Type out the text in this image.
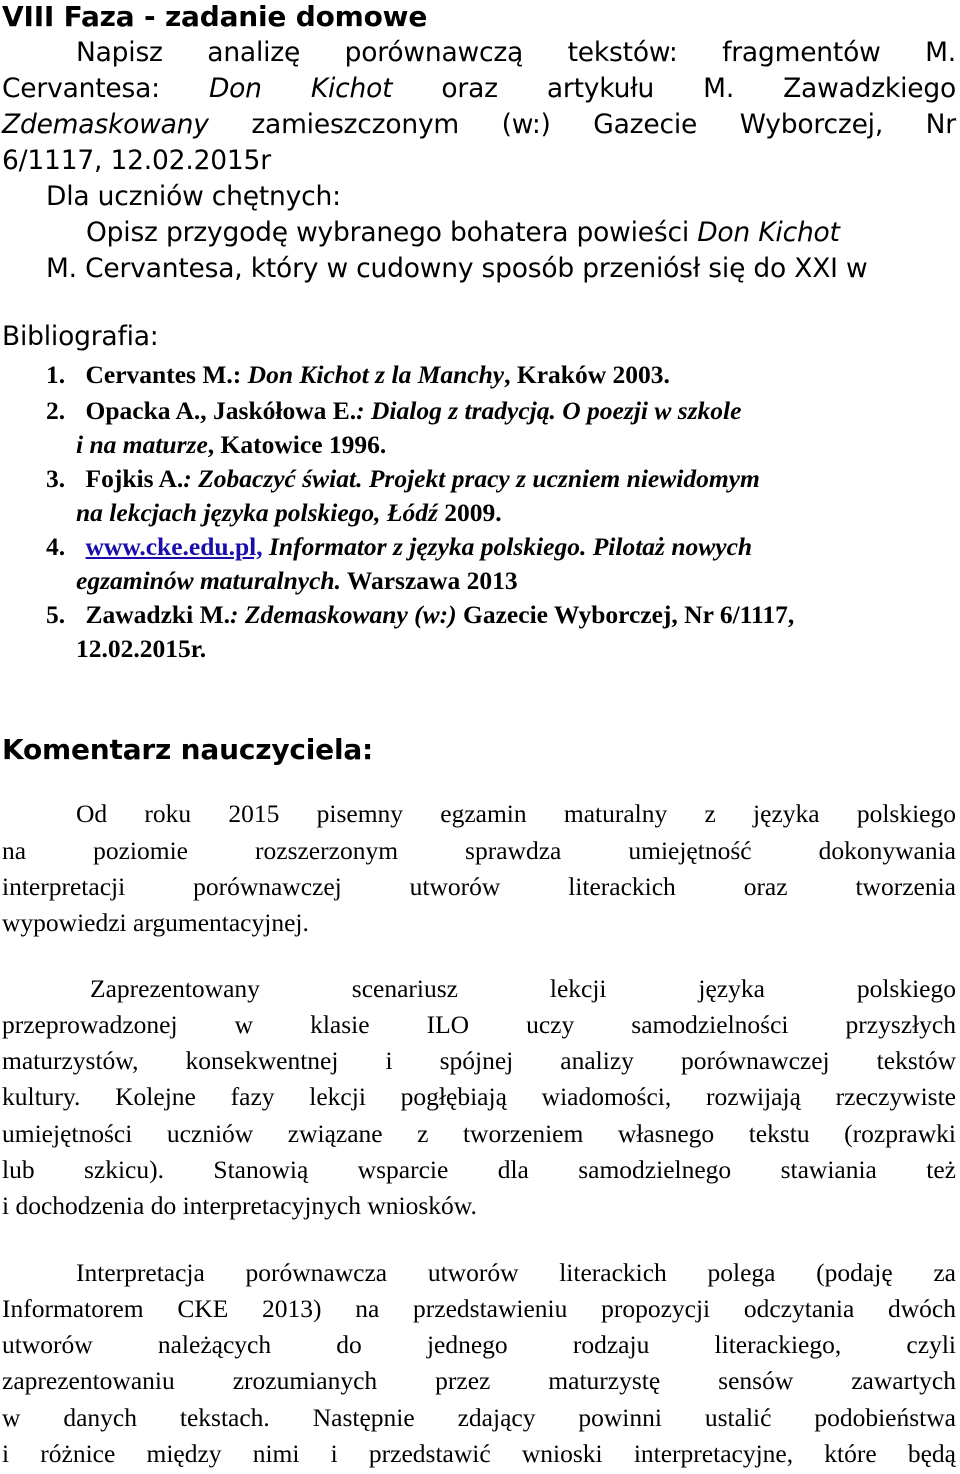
VIII Faza - zadanie domowe
Napisz analizę porównawczą tekstów: fragmentów M.
Cervantesa: Don Kichot oraz artykułu M. Zawadzkiego
Zdemaskowany zamieszczonym (w:) Gazecie Wyborczej, Nr
6/1117, 12.02.2015r
Dla uczniów chętnych:
Opisz przygodę wybranego bohatera powieści Don Kichot
M. Cervantesa, który w cudowny sposób przeniósł się do XXI w
Bibliografia:
1. Cervantes M.: Don Kichot z la Manchy, Kraków 2003.
2. Opacka A., Jaskółowa E.: Dialog z tradycją. O poezji w szkole
i na maturze, Katowice 1996.
3. Fojkis A.: Zobaczyć świat. Projekt pracy z uczniem niewidomym
na lekcjach języka polskiego, Łódź 2009.
4. www.cke.edu.pl, Informator z języka polskiego. Pilotaż nowych
egzaminów maturalnych. Warszawa 2013
5. Zawadzki M.: Zdemaskowany (w:) Gazecie Wyborczej, Nr 6/1117,
12.02.2015r.
Komentarz nauczyciela:
Od roku 2015 pisemny egzamin maturalny z języka polskiego
na poziomie rozszerzonym sprawdza umiejętność dokonywania
interpretacji porównawczej utworów literackich oraz tworzenia
wypowiedzi argumentacyjnej.
Zaprezentowany scenariusz lekcji języka polskiego
przeprowadzonej w klasie ILO uczy samodzielności przyszłych
maturzystów, konsekwentnej i spójnej analizy porównawczej tekstów
kultury. Kolejne fazy lekcji pogłębiają wiadomości, rozwijają rzeczywiste
umiejętności uczniów związane z tworzeniem własnego tekstu (rozprawki
lub szkicu). Stanowią wsparcie dla samodzielnego stawiania też
i dochodzenia do interpretacyjnych wniosków.
Interpretacja porównawcza utworów literackich polega (podaję za
Informatorem CKE 2013) na przedstawieniu propozycji odczytania dwóch
utworów należących do jednego rodzaju literackiego, czyli
zaprezentowaniu zrozumianych przez maturzystę sensów zawartych
w danych tekstach. Następnie zdający powinni ustalić podobieństwa
i różnice między nimi i przedstawić wnioski interpretacyjne, które będą
